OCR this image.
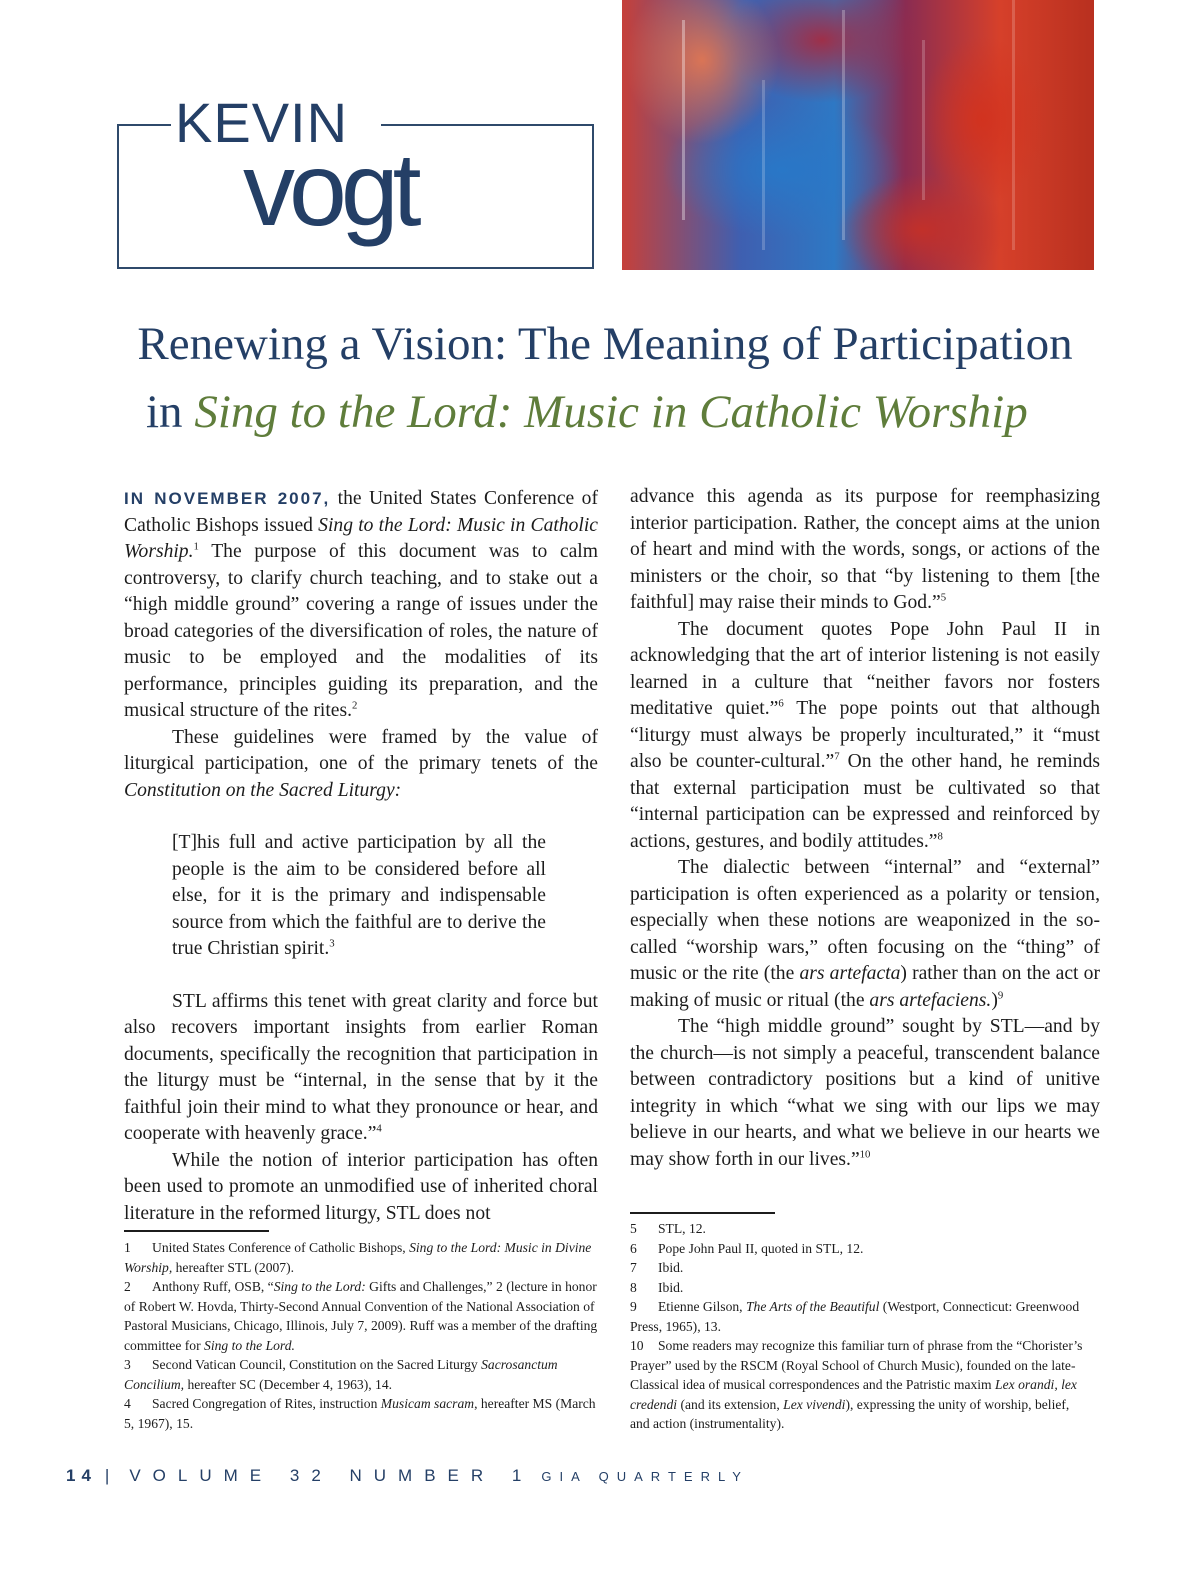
KEVIN
vogt
Renewing a Vision: The Meaning of Participation
in Sing to the Lord: Music in Catholic Worship

IN NOVEMBER 2007, the United States Conference of Catholic Bishops issued Sing to the Lord: Music in Catholic Worship.$^1$ The purpose of this document was to calm controversy, to clarify church teaching, and to stake out a “high middle ground” covering a range of issues under the broad categories of the diversification of roles, the nature of music to be employed and the modalities of its performance, principles guiding its preparation, and the musical structure of the rites.$^2$

These guidelines were framed by the value of liturgical participation, one of the primary tenets of the Constitution on the Sacred Liturgy:

[T]his full and active participation by all the people is the aim to be considered before all else, for it is the primary and indispensable source from which the faithful are to derive the true Christian spirit.$^3$

STL affirms this tenet with great clarity and force but also recovers important insights from earlier Roman documents, specifically the recognition that participation in the liturgy must be “internal, in the sense that by it the faithful join their mind to what they pronounce or hear, and cooperate with heavenly grace.”$^4$

While the notion of interior participation has often been used to promote an unmodified use of inherited choral literature in the reformed liturgy, STL does not

advance this agenda as its purpose for reemphasizing interior participation. Rather, the concept aims at the union of heart and mind with the words, songs, or actions of the ministers or the choir, so that “by listening to them [the faithful] may raise their minds to God.”$^5$

The document quotes Pope John Paul II in acknowledging that the art of interior listening is not easily learned in a culture that “neither favors nor fosters meditative quiet.”$^6$ The pope points out that although “liturgy must always be properly inculturated,” it “must also be counter-cultural.”$^7$ On the other hand, he reminds that external participation must be cultivated so that “internal participation can be expressed and reinforced by actions, gestures, and bodily attitudes.”$^8$

The dialectic between “internal” and “external” participation is often experienced as a polarity or tension, especially when these notions are weaponized in the so-called “worship wars,” often focusing on the “thing” of music or the rite (the ars artefacta) rather than on the act or making of music or ritual (the ars artefaciens.)$^9$

The “high middle ground” sought by STL—and by the church—is not simply a peaceful, transcendent balance between contradictory positions but a kind of unitive integrity in which “what we sing with our lips we may believe in our hearts, and what we believe in our hearts we may show forth in our lives.”$^{10}$

1 United States Conference of Catholic Bishops, Sing to the Lord: Music in Divine Worship, hereafter STL (2007).

2 Anthony Ruff, OSB, “Sing to the Lord: Gifts and Challenges,” 2 (lecture in honor of Robert W. Hovda, Thirty-Second Annual Convention of the National Association of Pastoral Musicians, Chicago, Illinois, July 7, 2009). Ruff was a member of the drafting committee for Sing to the Lord.

3 Second Vatican Council, Constitution on the Sacred Liturgy Sacrosanctum Concilium, hereafter SC (December 4, 1963), 14.

4 Sacred Congregation of Rites, instruction Musicam sacram, hereafter MS (March 5, 1967), 15.

5 STL, 12.

6 Pope John Paul II, quoted in STL, 12.

7 Ibid.

8 Ibid.

9 Etienne Gilson, The Arts of the Beautiful (Westport, Connecticut: Greenwood Press, 1965), 13.

10 Some readers may recognize this familiar turn of phrase from the “Chorister’s Prayer” used by the RSCM (Royal School of Church Music), founded on the late-Classical idea of musical correspondences and the Patristic maxim Lex orandi, lex credendi (and its extension, Lex vivendi), expressing the unity of worship, belief, and action (instrumentality).

14 | VOLUME 32 NUMBER 1 GIA QUARTERLY
